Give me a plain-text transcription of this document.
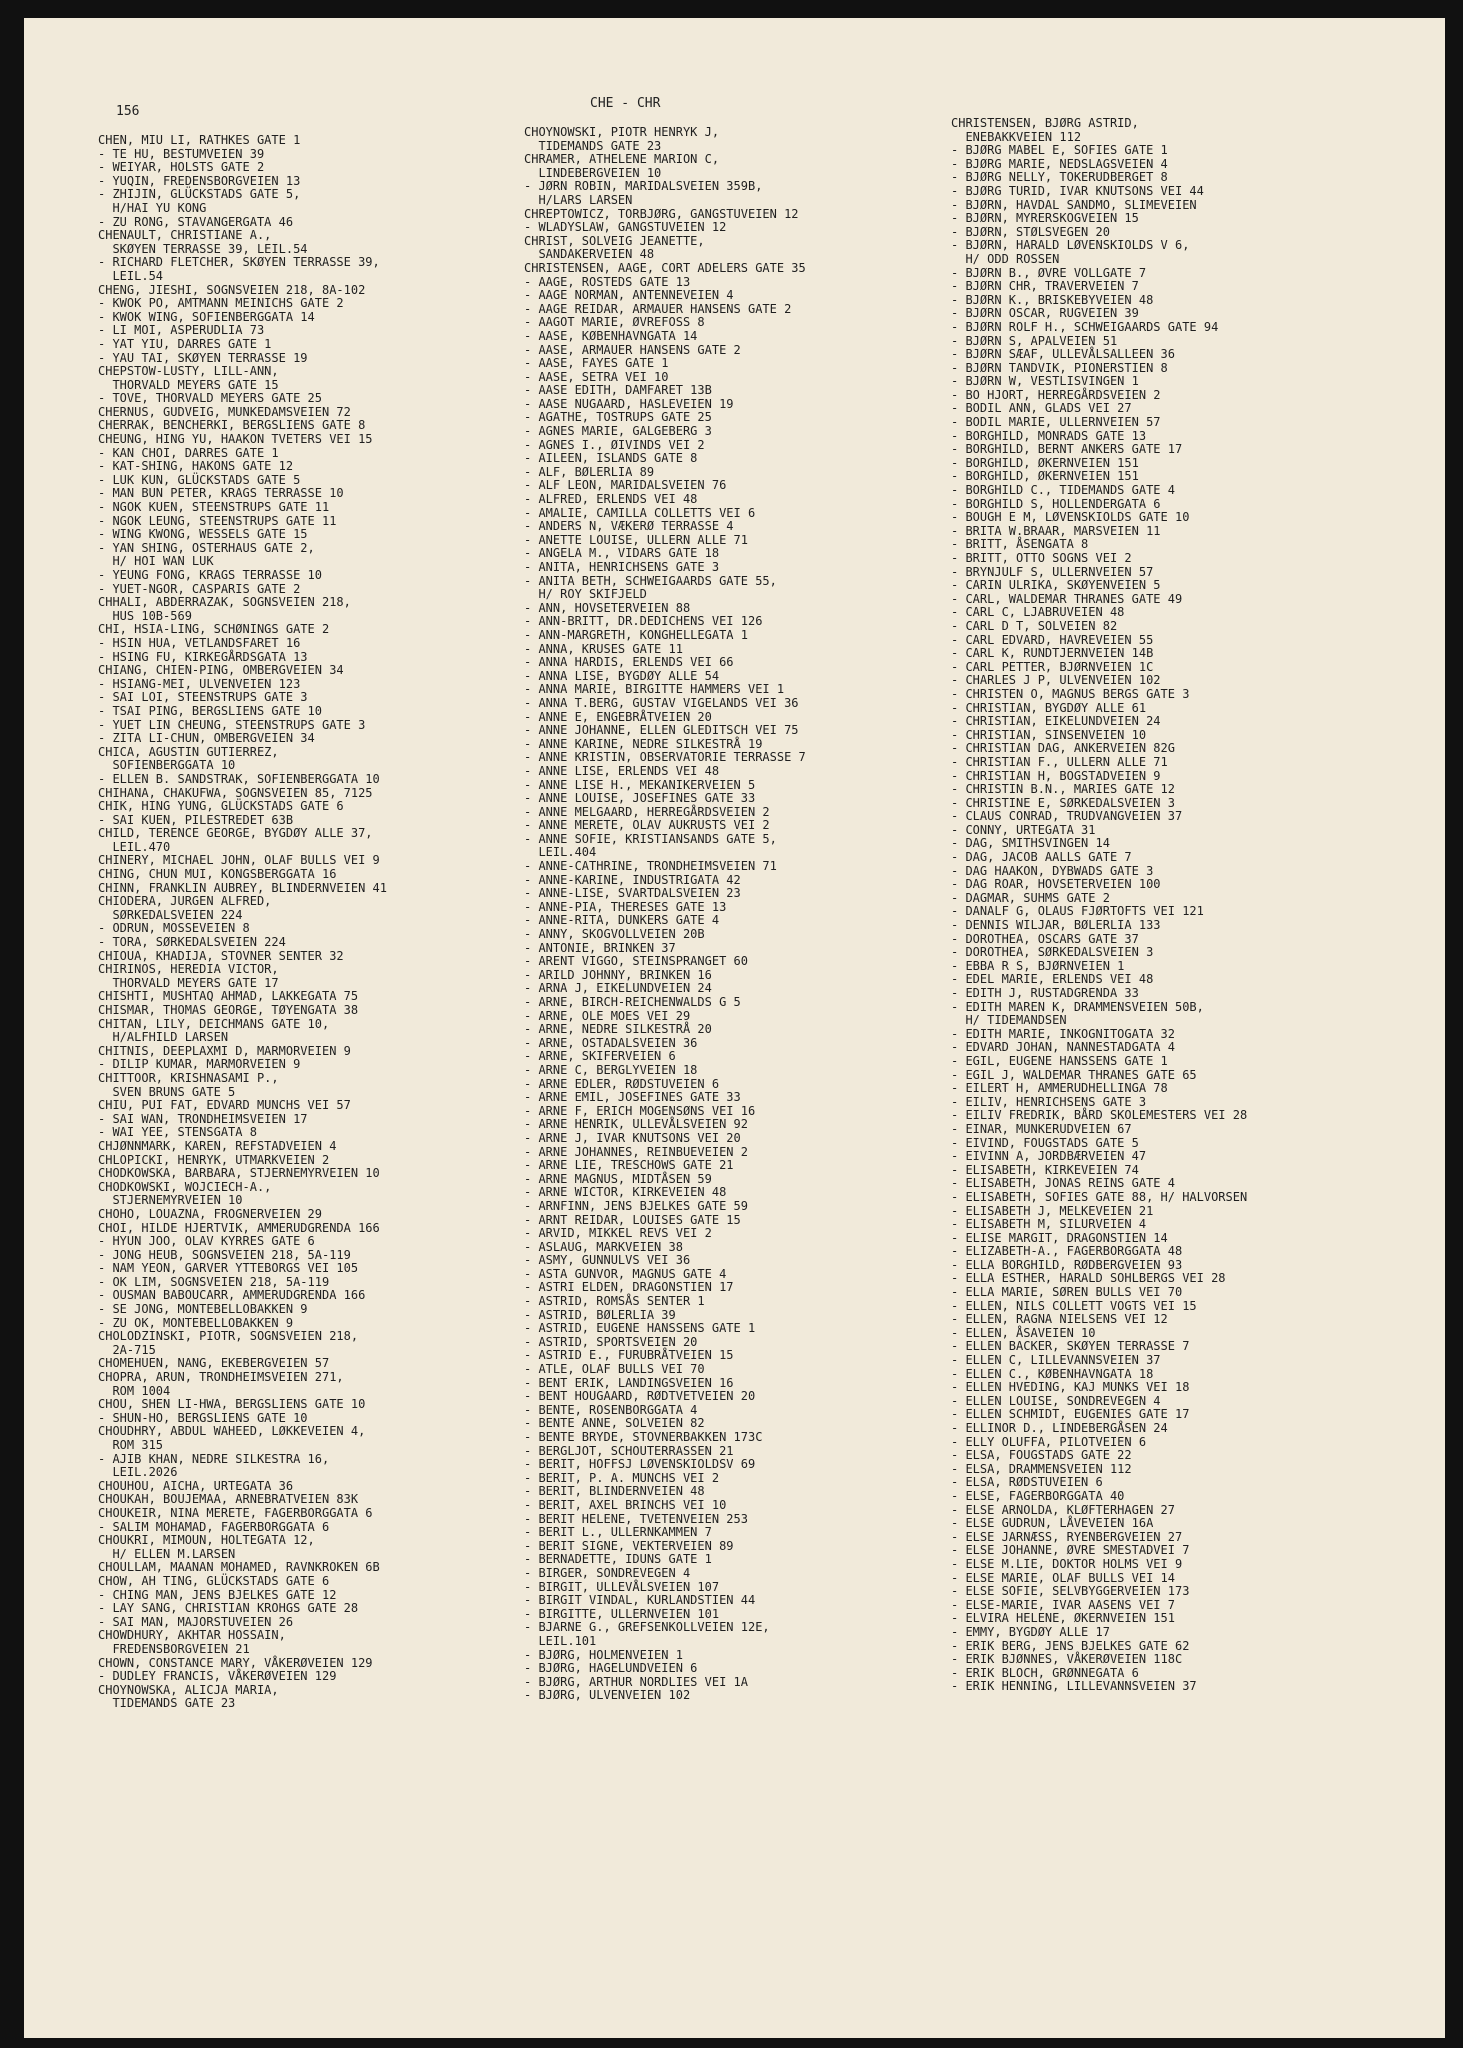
156
CHE - CHR
CHEN, MIU LI, RATHKES GATE 1
- TE HU, BESTUMVEIEN 39
- WEIYAR, HOLSTS GATE 2
- YUQIN, FREDENSBORGVEIEN 13
- ZHIJIN, GLÜCKSTADS GATE 5,
H/HAI YU KONG
- ZU RONG, STAVANGERGATA 46
CHENAULT, CHRISTIANE A.,
SKØYEN TERRASSE 39, LEIL.54
- RICHARD FLETCHER, SKØYEN TERRASSE 39,
LEIL.54
CHENG, JIESHI, SOGNSVEIEN 218, 8A-102
- KWOK PO, AMTMANN MEINICHS GATE 2
- KWOK WING, SOFIENBERGGATA 14
- LI MOI, ASPERUDLIA 73
- YAT YIU, DARRES GATE 1
- YAU TAI, SKØYEN TERRASSE 19
CHEPSTOW-LUSTY, LILL-ANN,
THORVALD MEYERS GATE 15
- TOVE, THORVALD MEYERS GATE 25
CHERNUS, GUDVEIG, MUNKEDAMSVEIEN 72
CHERRAK, BENCHERKI, BERGSLIENS GATE 8
CHEUNG, HING YU, HAAKON TVETERS VEI 15
- KAN CHOI, DARRES GATE 1
- KAT-SHING, HAKONS GATE 12
- LUK KUN, GLÜCKSTADS GATE 5
- MAN BUN PETER, KRAGS TERRASSE 10
- NGOK KUEN, STEENSTRUPS GATE 11
- NGOK LEUNG, STEENSTRUPS GATE 11
- WING KWONG, WESSELS GATE 15
- YAN SHING, OSTERHAUS GATE 2,
H/ HOI WAN LUK
- YEUNG FONG, KRAGS TERRASSE 10
- YUET-NGOR, CASPARIS GATE 2
CHHALI, ABDERRAZAK, SOGNSVEIEN 218,
HUS 10B-569
CHI, HSIA-LING, SCHØNINGS GATE 2
- HSIN HUA, VETLANDSFARET 16
- HSING FU, KIRKEGÅRDSGATA 13
CHIANG, CHIEN-PING, OMBERGVEIEN 34
- HSIANG-MEI, ULVENVEIEN 123
- SAI LOI, STEENSTRUPS GATE 3
- TSAI PING, BERGSLIENS GATE 10
- YUET LIN CHEUNG, STEENSTRUPS GATE 3
- ZITA LI-CHUN, OMBERGVEIEN 34
CHICA, AGUSTIN GUTIERREZ,
SOFIENBERGGATA 10
- ELLEN B. SANDSTRAK, SOFIENBERGGATA 10
CHIHANA, CHAKUFWA, SOGNSVEIEN 85, 7125
CHIK, HING YUNG, GLÜCKSTADS GATE 6
- SAI KUEN, PILESTREDET 63B
CHILD, TERENCE GEORGE, BYGDØY ALLE 37,
LEIL.470
CHINERY, MICHAEL JOHN, OLAF BULLS VEI 9
CHING, CHUN MUI, KONGSBERGGATA 16
CHINN, FRANKLIN AUBREY, BLINDERNVEIEN 41
CHIODERA, JURGEN ALFRED,
SØRKEDALSVEIEN 224
- ODRUN, MOSSEVEIEN 8
- TORA, SØRKEDALSVEIEN 224
CHIOUA, KHADIJA, STOVNER SENTER 32
CHIRINOS, HEREDIA VICTOR,
THORVALD MEYERS GATE 17
CHISHTI, MUSHTAQ AHMAD, LAKKEGATA 75
CHISMAR, THOMAS GEORGE, TØYENGATA 38
CHITAN, LILY, DEICHMANS GATE 10,
H/ALFHILD LARSEN
CHITNIS, DEEPLAXMI D, MARMORVEIEN 9
- DILIP KUMAR, MARMORVEIEN 9
CHITTOOR, KRISHNASAMI P.,
SVEN BRUNS GATE 5
CHIU, PUI FAT, EDVARD MUNCHS VEI 57
- SAI WAN, TRONDHEIMSVEIEN 17
- WAI YEE, STENSGATA 8
CHJØNNMARK, KAREN, REFSTADVEIEN 4
CHLOPICKI, HENRYK, UTMARKVEIEN 2
CHODKOWSKA, BARBARA, STJERNEMYRVEIEN 10
CHODKOWSKI, WOJCIECH-A.,
STJERNEMYRVEIEN 10
CHOHO, LOUAZNA, FROGNERVEIEN 29
CHOI, HILDE HJERTVIK, AMMERUDGRENDA 166
- HYUN JOO, OLAV KYRRES GATE 6
- JONG HEUB, SOGNSVEIEN 218, 5A-119
- NAM YEON, GARVER YTTEBORGS VEI 105
- OK LIM, SOGNSVEIEN 218, 5A-119
- OUSMAN BABOUCARR, AMMERUDGRENDA 166
- SE JONG, MONTEBELLOBAKKEN 9
- ZU OK, MONTEBELLOBAKKEN 9
CHOLODZINSKI, PIOTR, SOGNSVEIEN 218,
2A-715
CHOMEHUEN, NANG, EKEBERGVEIEN 57
CHOPRA, ARUN, TRONDHEIMSVEIEN 271,
ROM 1004
CHOU, SHEN LI-HWA, BERGSLIENS GATE 10
- SHUN-HO, BERGSLIENS GATE 10
CHOUDHRY, ABDUL WAHEED, LØKKEVEIEN 4,
ROM 315
- AJIB KHAN, NEDRE SILKESTRA 16,
LEIL.2026
CHOUHOU, AICHA, URTEGATA 36
CHOUKAH, BOUJEMAA, ARNEBRATVEIEN 83K
CHOUKEIR, NINA MERETE, FAGERBORGGATA 6
- SALIM MOHAMAD, FAGERBORGGATA 6
CHOUKRI, MIMOUN, HOLTEGATA 12,
H/ ELLEN M.LARSEN
CHOULLAM, MAANAN MOHAMED, RAVNKROKEN 6B
CHOW, AH TING, GLÜCKSTADS GATE 6
- CHING MAN, JENS BJELKES GATE 12
- LAY SANG, CHRISTIAN KROHGS GATE 28
- SAI MAN, MAJORSTUVEIEN 26
CHOWDHURY, AKHTAR HOSSAIN,
FREDENSBORGVEIEN 21
CHOWN, CONSTANCE MARY, VÅKERØVEIEN 129
- DUDLEY FRANCIS, VÅKERØVEIEN 129
CHOYNOWSKA, ALICJA MARIA,
TIDEMANDS GATE 23
CHOYNOWSKI, PIOTR HENRYK J,
TIDEMANDS GATE 23
CHRAMER, ATHELENE MARION C,
LINDEBERGVEIEN 10
- JØRN ROBIN, MARIDALSVEIEN 359B,
H/LARS LARSEN
CHREPTOWICZ, TORBJØRG, GANGSTUVEIEN 12
- WLADYSLAW, GANGSTUVEIEN 12
CHRIST, SOLVEIG JEANETTE,
SANDAKERVEIEN 48
CHRISTENSEN, AAGE, CORT ADELERS GATE 35
- AAGE, ROSTEDS GATE 13
- AAGE NORMAN, ANTENNEVEIEN 4
- AAGE REIDAR, ARMAUER HANSENS GATE 2
- AAGOT MARIE, ØVREFOSS 8
- AASE, KØBENHAVNGATA 14
- AASE, ARMAUER HANSENS GATE 2
- AASE, FAYES GATE 1
- AASE, SETRA VEI 10
- AASE EDITH, DAMFARET 13B
- AASE NUGAARD, HASLEVEIEN 19
- AGATHE, TOSTRUPS GATE 25
- AGNES MARIE, GALGEBERG 3
- AGNES I., ØIVINDS VEI 2
- AILEEN, ISLANDS GATE 8
- ALF, BØLERLIA 89
- ALF LEON, MARIDALSVEIEN 76
- ALFRED, ERLENDS VEI 48
- AMALIE, CAMILLA COLLETTS VEI 6
- ANDERS N, VÆKERØ TERRASSE 4
- ANETTE LOUISE, ULLERN ALLE 71
- ANGELA M., VIDARS GATE 18
- ANITA, HENRICHSENS GATE 3
- ANITA BETH, SCHWEIGAARDS GATE 55,
H/ ROY SKIFJELD
- ANN, HOVSETERVEIEN 88
- ANN-BRITT, DR.DEDICHENS VEI 126
- ANN-MARGRETH, KONGHELLEGATA 1
- ANNA, KRUSES GATE 11
- ANNA HARDIS, ERLENDS VEI 66
- ANNA LISE, BYGDØY ALLE 54
- ANNA MARIE, BIRGITTE HAMMERS VEI 1
- ANNA T.BERG, GUSTAV VIGELANDS VEI 36
- ANNE E, ENGEBRÅTVEIEN 20
- ANNE JOHANNE, ELLEN GLEDITSCH VEI 75
- ANNE KARINE, NEDRE SILKESTRÅ 19
- ANNE KRISTIN, OBSERVATORIE TERRASSE 7
- ANNE LISE, ERLENDS VEI 48
- ANNE LISE H., MEKANIKERVEIEN 5
- ANNE LOUISE, JOSEFINES GATE 33
- ANNE MELGAARD, HERREGÅRDSVEIEN 2
- ANNE MERETE, OLAV AUKRUSTS VEI 2
- ANNE SOFIE, KRISTIANSANDS GATE 5,
LEIL.404
- ANNE-CATHRINE, TRONDHEIMSVEIEN 71
- ANNE-KARINE, INDUSTRIGATA 42
- ANNE-LISE, SVARTDALSVEIEN 23
- ANNE-PIA, THERESES GATE 13
- ANNE-RITA, DUNKERS GATE 4
- ANNY, SKOGVOLLVEIEN 20B
- ANTONIE, BRINKEN 37
- ARENT VIGGO, STEINSPRANGET 60
- ARILD JOHNNY, BRINKEN 16
- ARNA J, EIKELUNDVEIEN 24
- ARNE, BIRCH-REICHENWALDS G 5
- ARNE, OLE MOES VEI 29
- ARNE, NEDRE SILKESTRÅ 20
- ARNE, OSTADALSVEIEN 36
- ARNE, SKIFERVEIEN 6
- ARNE C, BERGLYVEIEN 18
- ARNE EDLER, RØDSTUVEIEN 6
- ARNE EMIL, JOSEFINES GATE 33
- ARNE F, ERICH MOGENSØNS VEI 16
- ARNE HENRIK, ULLEVÅLSVEIEN 92
- ARNE J, IVAR KNUTSONS VEI 20
- ARNE JOHANNES, REINBUEVEIEN 2
- ARNE LIE, TRESCHOWS GATE 21
- ARNE MAGNUS, MIDTÅSEN 59
- ARNE WICTOR, KIRKEVEIEN 48
- ARNFINN, JENS BJELKES GATE 59
- ARNT REIDAR, LOUISES GATE 15
- ARVID, MIKKEL REVS VEI 2
- ASLAUG, MARKVEIEN 38
- ASMY, GUNNULVS VEI 36
- ASTA GUNVOR, MAGNUS GATE 4
- ASTRI ELDEN, DRAGONSTIEN 17
- ASTRID, ROMSÅS SENTER 1
- ASTRID, BØLERLIA 39
- ASTRID, EUGENE HANSSENS GATE 1
- ASTRID, SPORTSVEIEN 20
- ASTRID E., FURUBRÅTVEIEN 15
- ATLE, OLAF BULLS VEI 70
- BENT ERIK, LANDINGSVEIEN 16
- BENT HOUGAARD, RØDTVETVEIEN 20
- BENTE, ROSENBORGGATA 4
- BENTE ANNE, SOLVEIEN 82
- BENTE BRYDE, STOVNERBAKKEN 173C
- BERGLJOT, SCHOUTERRASSEN 21
- BERIT, HOFFSJ LØVENSKIOLDSV 69
- BERIT, P. A. MUNCHS VEI 2
- BERIT, BLINDERNVEIEN 48
- BERIT, AXEL BRINCHS VEI 10
- BERIT HELENE, TVETENVEIEN 253
- BERIT L., ULLERNKAMMEN 7
- BERIT SIGNE, VEKTERVEIEN 89
- BERNADETTE, IDUNS GATE 1
- BIRGER, SONDREVEGEN 4
- BIRGIT, ULLEVÅLSVEIEN 107
- BIRGIT VINDAL, KURLANDSTIEN 44
- BIRGITTE, ULLERNVEIEN 101
- BJARNE G., GREFSENKOLLVEIEN 12E,
LEIL.101
- BJØRG, HOLMENVEIEN 1
- BJØRG, HAGELUNDVEIEN 6
- BJØRG, ARTHUR NORDLIES VEI 1A
- BJØRG, ULVENVEIEN 102
CHRISTENSEN, BJØRG ASTRID,
ENEBAKKVEIEN 112
- BJØRG MABEL E, SOFIES GATE 1
- BJØRG MARIE, NEDSLAGSVEIEN 4
- BJØRG NELLY, TOKERUDBERGET 8
- BJØRG TURID, IVAR KNUTSONS VEI 44
- BJØRN, HAVDAL SANDMO, SLIMEVEIEN
- BJØRN, MYRERSKOGVEIEN 15
- BJØRN, STØLSVEGEN 20
- BJØRN, HARALD LØVENSKIOLDS V 6,
H/ ODD ROSSEN
- BJØRN B., ØVRE VOLLGATE 7
- BJØRN CHR, TRAVERVEIEN 7
- BJØRN K., BRISKEBYVEIEN 48
- BJØRN OSCAR, RUGVEIEN 39
- BJØRN ROLF H., SCHWEIGAARDS GATE 94
- BJØRN S, APALVEIEN 51
- BJØRN SÆAF, ULLEVÅLSALLEEN 36
- BJØRN TANDVIK, PIONERSTIEN 8
- BJØRN W, VESTLISVINGEN 1
- BO HJORT, HERREGÅRDSVEIEN 2
- BODIL ANN, GLADS VEI 27
- BODIL MARIE, ULLERNVEIEN 57
- BORGHILD, MONRADS GATE 13
- BORGHILD, BERNT ANKERS GATE 17
- BORGHILD, ØKERNVEIEN 151
- BORGHILD, ØKERNVEIEN 151
- BORGHILD C., TIDEMANDS GATE 4
- BORGHILD S, HOLLENDERGATA 6
- BOUGH E M, LØVENSKIOLDS GATE 10
- BRITA W.BRAAR, MARSVEIEN 11
- BRITT, ÅSENGATA 8
- BRITT, OTTO SOGNS VEI 2
- BRYNJULF S, ULLERNVEIEN 57
- CARIN ULRIKA, SKØYENVEIEN 5
- CARL, WALDEMAR THRANES GATE 49
- CARL C, LJABRUVEIEN 48
- CARL D T, SOLVEIEN 82
- CARL EDVARD, HAVREVEIEN 55
- CARL K, RUNDTJERNVEIEN 14B
- CARL PETTER, BJØRNVEIEN 1C
- CHARLES J P, ULVENVEIEN 102
- CHRISTEN O, MAGNUS BERGS GATE 3
- CHRISTIAN, BYGDØY ALLE 61
- CHRISTIAN, EIKELUNDVEIEN 24
- CHRISTIAN, SINSENVEIEN 10
- CHRISTIAN DAG, ANKERVEIEN 82G
- CHRISTIAN F., ULLERN ALLE 71
- CHRISTIAN H, BOGSTADVEIEN 9
- CHRISTIN B.N., MARIES GATE 12
- CHRISTINE E, SØRKEDALSVEIEN 3
- CLAUS CONRAD, TRUDVANGVEIEN 37
- CONNY, URTEGATA 31
- DAG, SMITHSVINGEN 14
- DAG, JACOB AALLS GATE 7
- DAG HAAKON, DYBWADS GATE 3
- DAG ROAR, HOVSETERVEIEN 100
- DAGMAR, SUHMS GATE 2
- DANALF G, OLAUS FJØRTOFTS VEI 121
- DENNIS WILJAR, BØLERLIA 133
- DOROTHEA, OSCARS GATE 37
- DOROTHEA, SØRKEDALSVEIEN 3
- EBBA R S, BJØRNVEIEN 1
- EDEL MARIE, ERLENDS VEI 48
- EDITH J, RUSTADGRENDA 33
- EDITH MAREN K, DRAMMENSVEIEN 50B,
H/ TIDEMANDSEN
- EDITH MARIE, INKOGNITOGATA 32
- EDVARD JOHAN, NANNESTADGATA 4
- EGIL, EUGENE HANSSENS GATE 1
- EGIL J, WALDEMAR THRANES GATE 65
- EILERT H, AMMERUDHELLINGA 78
- EILIV, HENRICHSENS GATE 3
- EILIV FREDRIK, BÅRD SKOLEMESTERS VEI 28
- EINAR, MUNKERUDVEIEN 67
- EIVIND, FOUGSTADS GATE 5
- EIVINN A, JORDBÆRVEIEN 47
- ELISABETH, KIRKEVEIEN 74
- ELISABETH, JONAS REINS GATE 4
- ELISABETH, SOFIES GATE 88, H/ HALVORSEN
- ELISABETH J, MELKEVEIEN 21
- ELISABETH M, SILURVEIEN 4
- ELISE MARGIT, DRAGONSTIEN 14
- ELIZABETH-A., FAGERBORGGATA 48
- ELLA BORGHILD, RØDBERGVEIEN 93
- ELLA ESTHER, HARALD SOHLBERGS VEI 28
- ELLA MARIE, SØREN BULLS VEI 70
- ELLEN, NILS COLLETT VOGTS VEI 15
- ELLEN, RAGNA NIELSENS VEI 12
- ELLEN, ÅSAVEIEN 10
- ELLEN BACKER, SKØYEN TERRASSE 7
- ELLEN C, LILLEVANNSVEIEN 37
- ELLEN C., KØBENHAVNGATA 18
- ELLEN HVEDING, KAJ MUNKS VEI 18
- ELLEN LOUISE, SONDREVEGEN 4
- ELLEN SCHMIDT, EUGENIES GATE 17
- ELLINOR D., LINDEBERGÅSEN 24
- ELLY OLUFFA, PILOTVEIEN 6
- ELSA, FOUGSTADS GATE 22
- ELSA, DRAMMENSVEIEN 112
- ELSA, RØDSTUVEIEN 6
- ELSE, FAGERBORGGATA 40
- ELSE ARNOLDA, KLØFTERHAGEN 27
- ELSE GUDRUN, LÅVEVEIEN 16A
- ELSE JARNÆSS, RYENBERGVEIEN 27
- ELSE JOHANNE, ØVRE SMESTADVEI 7
- ELSE M.LIE, DOKTOR HOLMS VEI 9
- ELSE MARIE, OLAF BULLS VEI 14
- ELSE SOFIE, SELVBYGGERVEIEN 173
- ELSE-MARIE, IVAR AASENS VEI 7
- ELVIRA HELENE, ØKERNVEIEN 151
- EMMY, BYGDØY ALLE 17
- ERIK BERG, JENS BJELKES GATE 62
- ERIK BJØNNES, VÅKERØVEIEN 118C
- ERIK BLOCH, GRØNNEGATA 6
- ERIK HENNING, LILLEVANNSVEIEN 37
